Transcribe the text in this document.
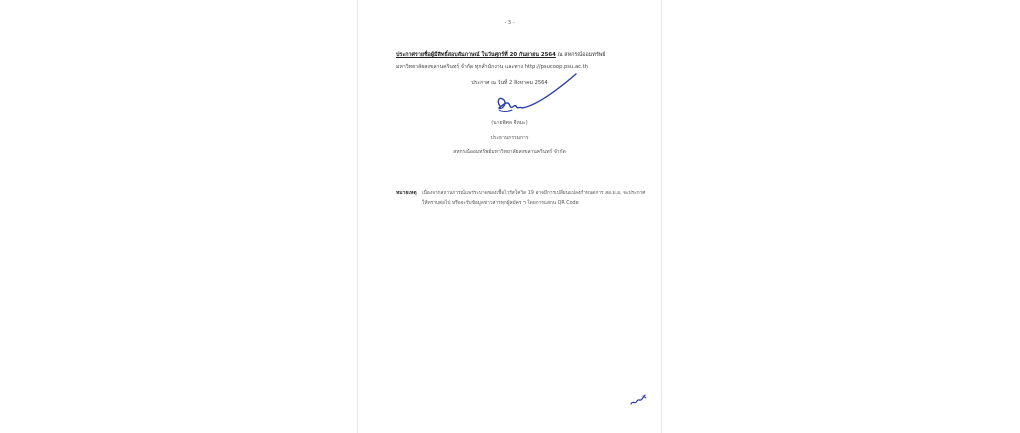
- 3 -
ประกาศรายชื่อผู้มีสิทธิ์สอบสัมภาษณ์ ในวันศุกร์ที่ 20 กันยายน 2564 ณ สหกรณ์ออมทรัพย์
มหาวิทยาลัยสงขลานครินทร์ จำกัด ทุกสำนักงาน และทาง http://psucoop.psu.ac.th
ประกาศ ณ วันที่ 2 สิงหาคม 2564
(นายพิศล จีหมะ)
ประธานกรรมการ
สหกรณ์ออมทรัพย์มหาวิทยาลัยสงขลานครินทร์ จำกัด
หมายเหตุ เนื่องจากสถานการณ์แพร่ระบาดของเชื้อไวรัสโควิด 19 อาจมีการเปลี่ยนแปลงกำหนดการ สอ.ม.อ. จะประกาศ
ให้ทราบต่อไป หรือจะรับข้อมูลข่าวสารทุกผู้สมัคร ฯ โดยการแสกน QR Code
